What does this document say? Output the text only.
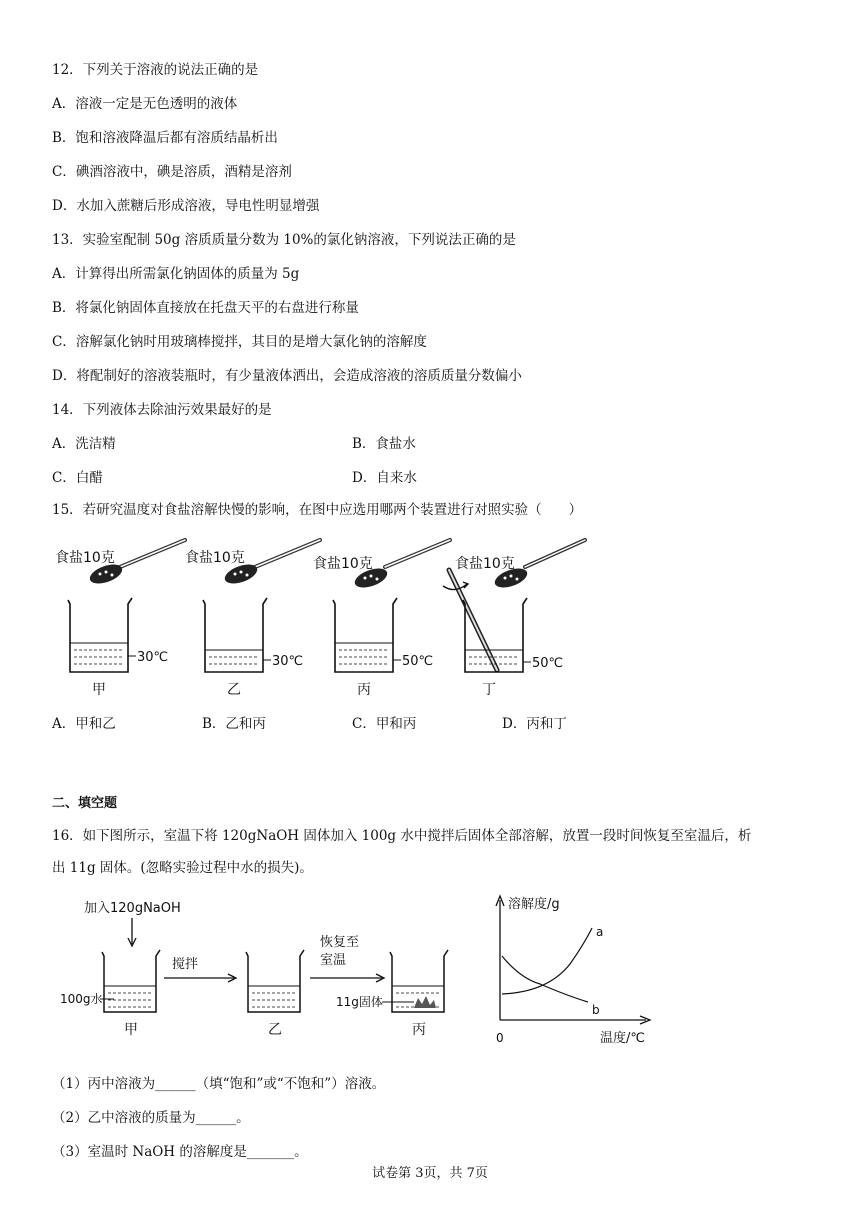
12．下列关于溶液的说法正确的是
A．溶液一定是无色透明的液体
B．饱和溶液降温后都有溶质结晶析出
C．碘酒溶液中，碘是溶质，酒精是溶剂
D．水加入蔗糖后形成溶液，导电性明显增强
13．实验室配制 50g 溶质质量分数为 10%的氯化钠溶液，下列说法正确的是
A．计算得出所需氯化钠固体的质量为 5g
B．将氯化钠固体直接放在托盘天平的右盘进行称量
C．溶解氯化钠时用玻璃棒搅拌，其目的是增大氯化钠的溶解度
D．将配制好的溶液装瓶时，有少量液体洒出，会造成溶液的溶质质量分数偏小
14．下列液体去除油污效果最好的是
A．洗洁精	B．食盐水
C．白醋	D．自来水
15．若研究温度对食盐溶解快慢的影响，在图中应选用哪两个装置进行对照实验（　　）
食盐10克
30℃
甲
食盐10克
30℃
乙
食盐10克
50℃
丙
食盐10克
50℃
丁
A．甲和乙	B．乙和丙	C．甲和丙	D．丙和丁
二、填空题
16．如下图所示，室温下将 120gNaOH 固体加入 100g 水中搅拌后固体全部溶解，放置一段时间恢复至室温后，析
出 11g 固体。(忽略实验过程中水的损失)。
加入120gNaOH
100g水
甲
搅拌
乙
恢复至
室温
11g固体
丙
溶解度/g
温度/℃
0
a
b
（1）丙中溶液为______（填“饱和”或“不饱和”）溶液。
（2）乙中溶液的质量为______。
（3）室温时 NaOH 的溶解度是_______。
试卷第 3页，共 7页
